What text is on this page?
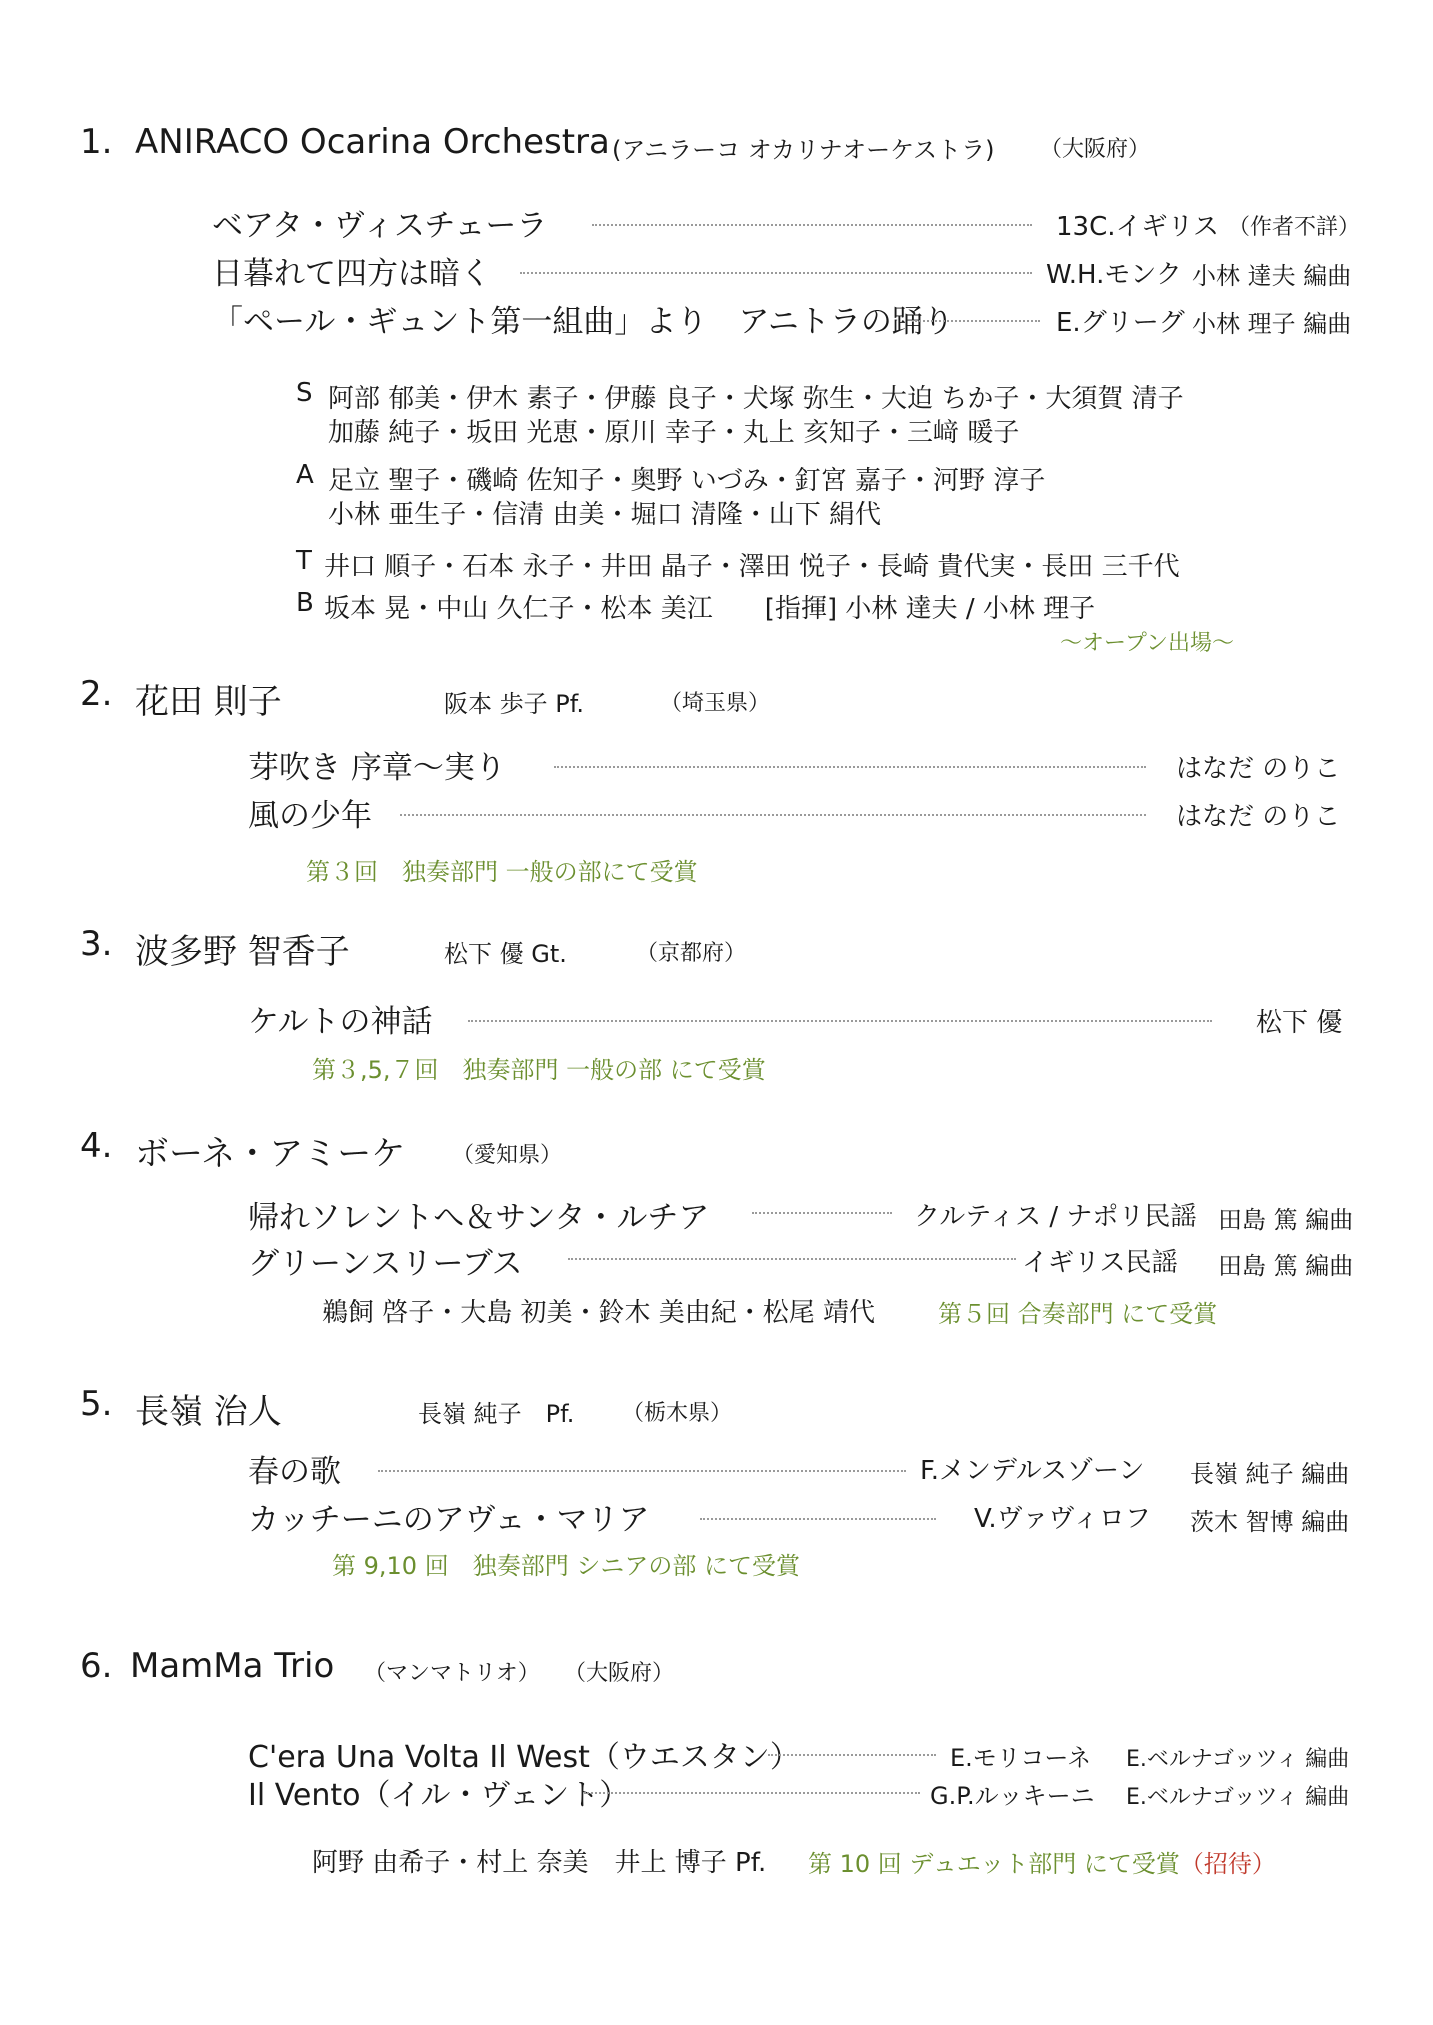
1. ANIRACO Ocarina Orchestra (アニラーコ オカリナオーケストラ) （大阪府）
ベアタ・ヴィスチェーラ	13C.イギリス （作者不詳）
日暮れて四方は暗く	W.H.モンク 小林 達夫 編曲
「ペール・ギュント第一組曲」より　アニトラの踊り	E.グリーグ 小林 理子 編曲
S 阿部 郁美・伊木 素子・伊藤 良子・犬塚 弥生・大迫 ちか子・大須賀 清子
加藤 純子・坂田 光恵・原川 幸子・丸上 亥知子・三﨑 暖子
A 足立 聖子・磯崎 佐知子・奥野 いづみ・釘宮 嘉子・河野 淳子
小林 亜生子・信清 由美・堀口 清隆・山下 絹代
T 井口 順子・石本 永子・井田 晶子・澤田 悦子・長崎 貴代実・長田 三千代
B 坂本 晃・中山 久仁子・松本 美江　　[指揮] 小林 達夫 / 小林 理子
～オープン出場～
2. 花田 則子	阪本 歩子 Pf.	（埼玉県）
芽吹き 序章～実り	はなだ のりこ
風の少年	はなだ のりこ
第３回　独奏部門 一般の部にて受賞
3. 波多野 智香子	松下 優 Gt.	（京都府）
ケルトの神話	松下 優
第３,5,７回　独奏部門 一般の部 にて受賞
4. ボーネ・アミーケ （愛知県）
帰れソレントへ＆サンタ・ルチア	クルティス / ナポリ民謡 田島 篤 編曲
グリーンスリーブス	イギリス民謡 田島 篤 編曲
鵜飼 啓子・大島 初美・鈴木 美由紀・松尾 靖代	第５回 合奏部門 にて受賞
5. 長嶺 治人	長嶺 純子　Pf. （栃木県）
春の歌	F.メンデルスゾーン 長嶺 純子 編曲
カッチーニのアヴェ・マリア	V.ヴァヴィロフ 茨木 智博 編曲
第 9,10 回　独奏部門 シニアの部 にて受賞
6. MamMa Trio （マンマトリオ） （大阪府）
C'era Una Volta Il West（ウエスタン）	E.モリコーネ E.ベルナゴッツィ 編曲
Il Vento（イル・ヴェント）	G.P.ルッキーニ E.ベルナゴッツィ 編曲
阿野 由希子・村上 奈美　井上 博子 Pf. 第 10 回 デュエット部門 にて受賞（招待）
